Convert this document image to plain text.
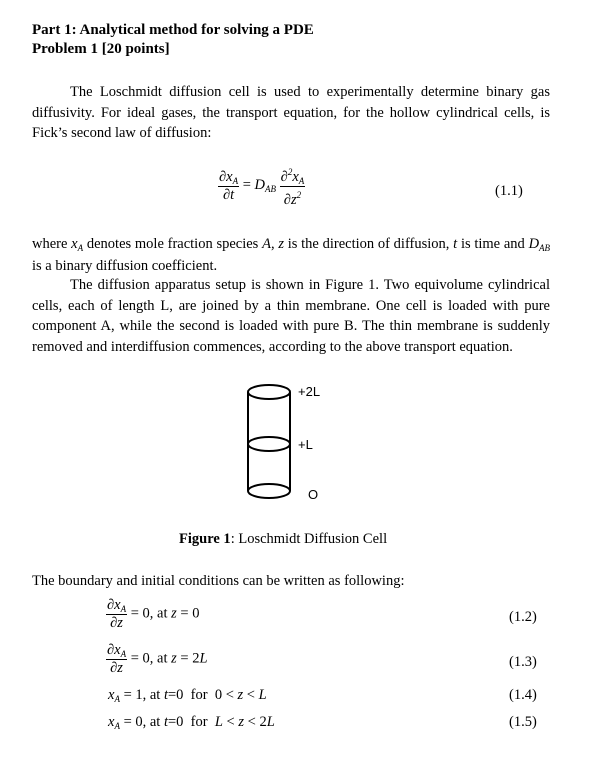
Part 1: Analytical method for solving a PDE
Problem 1 [20 points]
The Loschmidt diffusion cell is used to experimentally determine binary gas diffusivity. For ideal gases, the transport equation, for the hollow cylindrical cells, is Fick’s second law of diffusion:
$\frac{\partial x_A}{\partial t} = D_{AB} \frac{\partial^2x_A}{\partial z^2}$	(1.1)
where $x_A$ denotes mole fraction species A, z is the direction of diffusion, t is time and $D_{AB}$ is a binary diffusion coefficient.
The diffusion apparatus setup is shown in Figure 1. Two equivolume cylindrical cells, each of length L, are joined by a thin membrane. One cell is loaded with pure component A, while the second is loaded with pure B. The thin membrane is suddenly removed and interdiffusion commences, according to the above transport equation.
+2L
+L
O
Figure 1: Loschmidt Diffusion Cell
The boundary and initial conditions can be written as following:
$\frac{\partial x_A}{\partial z} = 0$, at z = 0	(1.2)
$\frac{\partial x_A}{\partial z} = 0$, at z = 2L	(1.3)
$x_A = 1$, at t=0  for  0 < z < L	(1.4)
$x_A = 0$, at t=0  for  L < z < 2L	(1.5)
